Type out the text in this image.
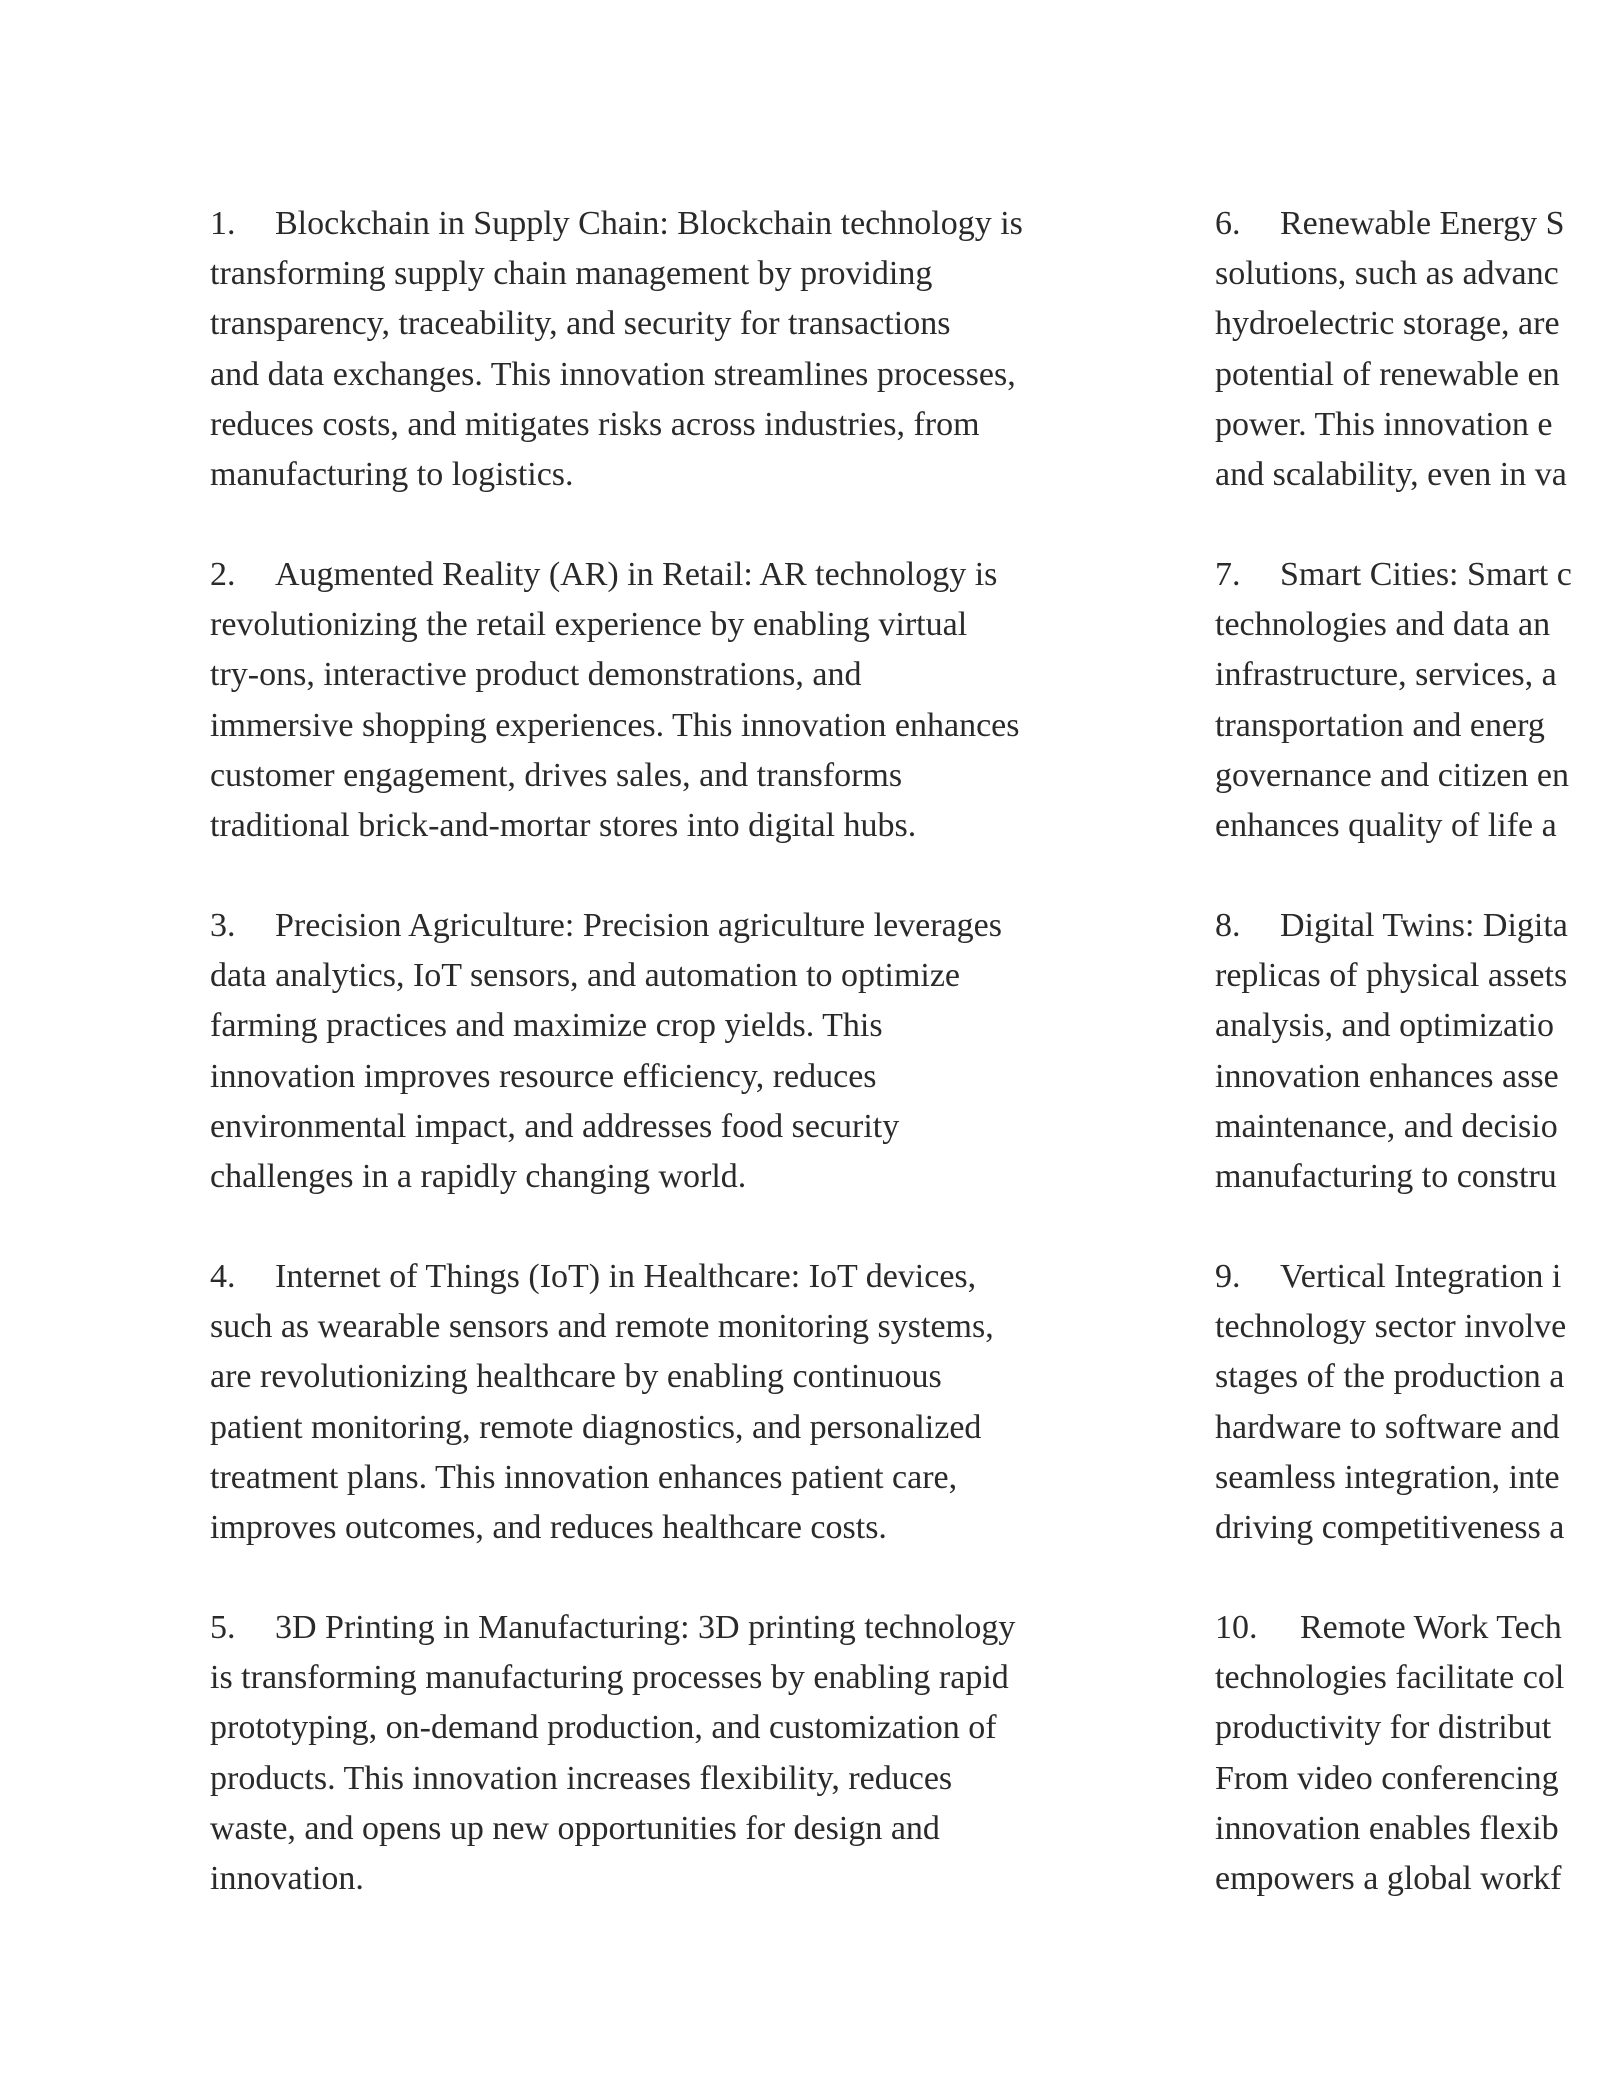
1. Blockchain in Supply Chain: Blockchain technology is
transforming supply chain management by providing
transparency, traceability, and security for transactions
and data exchanges. This innovation streamlines processes,
reduces costs, and mitigates risks across industries, from
manufacturing to logistics.
2. Augmented Reality (AR) in Retail: AR technology is
revolutionizing the retail experience by enabling virtual
try-ons, interactive product demonstrations, and
immersive shopping experiences. This innovation enhances
customer engagement, drives sales, and transforms
traditional brick-and-mortar stores into digital hubs.
3. Precision Agriculture: Precision agriculture leverages
data analytics, IoT sensors, and automation to optimize
farming practices and maximize crop yields. This
innovation improves resource efficiency, reduces
environmental impact, and addresses food security
challenges in a rapidly changing world.
4. Internet of Things (IoT) in Healthcare: IoT devices,
such as wearable sensors and remote monitoring systems,
are revolutionizing healthcare by enabling continuous
patient monitoring, remote diagnostics, and personalized
treatment plans. This innovation enhances patient care,
improves outcomes, and reduces healthcare costs.
5. 3D Printing in Manufacturing: 3D printing technology
is transforming manufacturing processes by enabling rapid
prototyping, on-demand production, and customization of
products. This innovation increases flexibility, reduces
waste, and opens up new opportunities for design and
innovation.
6. Renewable Energy S
solutions, such as advanc
hydroelectric storage, are
potential of renewable en
power. This innovation e
and scalability, even in va
7. Smart Cities: Smart c
technologies and data an
infrastructure, services, a
transportation and energ
governance and citizen en
enhances quality of life a
8. Digital Twins: Digita
replicas of physical assets
analysis, and optimizatio
innovation enhances asse
maintenance, and decisio
manufacturing to constru
9. Vertical Integration i
technology sector involve
stages of the production a
hardware to software and
seamless integration, inte
driving competitiveness a
10. Remote Work Tech
technologies facilitate col
productivity for distribut
From video conferencing
innovation enables flexib
empowers a global workf
